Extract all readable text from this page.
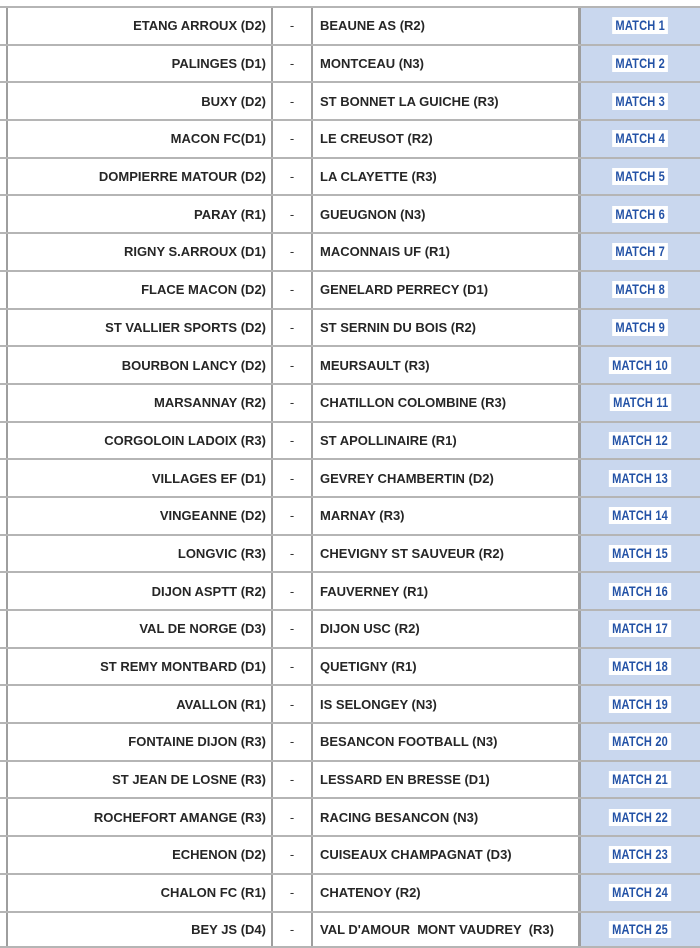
ETANG ARROUX (D2)	-	BEAUNE AS (R2)	MATCH 1
PALINGES (D1)	-	MONTCEAU (N3)	MATCH 2
BUXY (D2)	-	ST BONNET LA GUICHE (R3)	MATCH 3
MACON FC(D1)	-	LE CREUSOT (R2)	MATCH 4
DOMPIERRE MATOUR (D2)	-	LA CLAYETTE (R3)	MATCH 5
PARAY (R1)	-	GUEUGNON (N3)	MATCH 6
RIGNY S.ARROUX (D1)	-	MACONNAIS UF (R1)	MATCH 7
FLACE MACON (D2)	-	GENELARD PERRECY (D1)	MATCH 8
ST VALLIER SPORTS (D2)	-	ST SERNIN DU BOIS (R2)	MATCH 9
BOURBON LANCY (D2)	-	MEURSAULT (R3)	MATCH 10
MARSANNAY (R2)	-	CHATILLON COLOMBINE (R3)	MATCH 11
CORGOLOIN LADOIX (R3)	-	ST APOLLINAIRE (R1)	MATCH 12
VILLAGES EF (D1)	-	GEVREY CHAMBERTIN (D2)	MATCH 13
VINGEANNE (D2)	-	MARNAY (R3)	MATCH 14
LONGVIC (R3)	-	CHEVIGNY ST SAUVEUR (R2)	MATCH 15
DIJON ASPTT (R2)	-	FAUVERNEY (R1)	MATCH 16
VAL DE NORGE (D3)	-	DIJON USC (R2)	MATCH 17
ST REMY MONTBARD (D1)	-	QUETIGNY (R1)	MATCH 18
AVALLON (R1)	-	IS SELONGEY (N3)	MATCH 19
FONTAINE DIJON (R3)	-	BESANCON FOOTBALL (N3)	MATCH 20
ST JEAN DE LOSNE (R3)	-	LESSARD EN BRESSE (D1)	MATCH 21
ROCHEFORT AMANGE (R3)	-	RACING BESANCON (N3)	MATCH 22
ECHENON (D2)	-	CUISEAUX CHAMPAGNAT (D3)	MATCH 23
CHALON FC (R1)	-	CHATENOY (R2)	MATCH 24
BEY JS (D4)	-	VAL D'AMOUR  MONT VAUDREY  (R3)	MATCH 25
